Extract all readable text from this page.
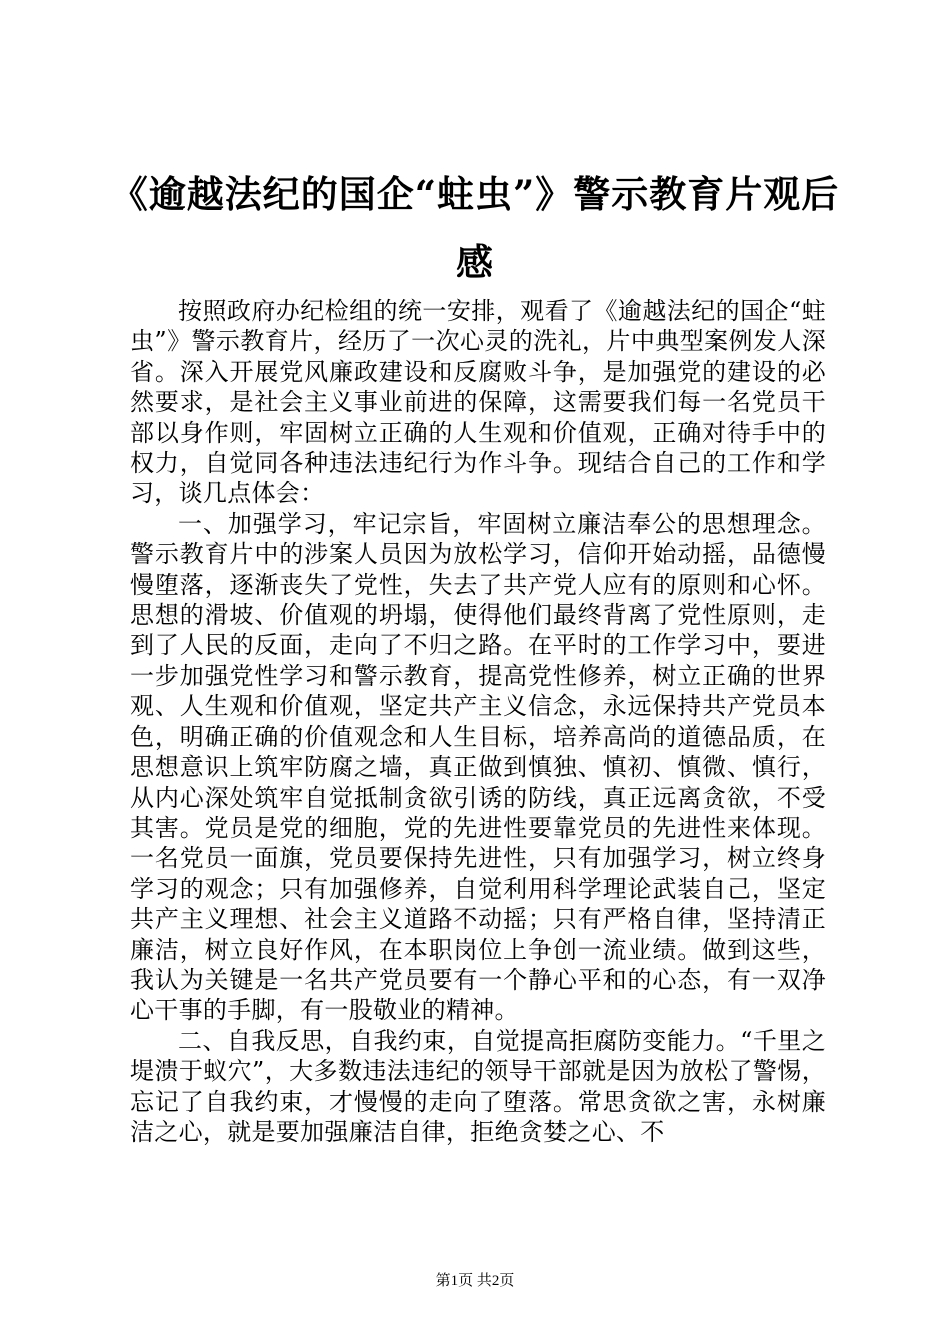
《逾越法纪的国企“蛀虫”》警示教育片观后感

按照政府办纪检组的统一安排，观看了《逾越法纪的国企“蛀虫”》警示教育片，经历了一次心灵的洗礼，片中典型案例发人深省。深入开展党风廉政建设和反腐败斗争，是加强党的建设的必然要求，是社会主义事业前进的保障，这需要我们每一名党员干部以身作则，牢固树立正确的人生观和价值观，正确对待手中的权力，自觉同各种违法违纪行为作斗争。现结合自己的工作和学习，谈几点体会：

一、加强学习，牢记宗旨，牢固树立廉洁奉公的思想理念。警示教育片中的涉案人员因为放松学习，信仰开始动摇，品德慢慢堕落，逐渐丧失了党性，失去了共产党人应有的原则和心怀。思想的滑坡、价值观的坍塌，使得他们最终背离了党性原则，走到了人民的反面，走向了不归之路。在平时的工作学习中，要进一步加强党性学习和警示教育，提高党性修养，树立正确的世界观、人生观和价值观，坚定共产主义信念，永远保持共产党员本色，明确正确的价值观念和人生目标，培养高尚的道德品质，在思想意识上筑牢防腐之墙，真正做到慎独、慎初、慎微、慎行，从内心深处筑牢自觉抵制贪欲引诱的防线，真正远离贪欲，不受其害。党员是党的细胞，党的先进性要靠党员的先进性来体现。一名党员一面旗，党员要保持先进性，只有加强学习，树立终身学习的观念；只有加强修养，自觉利用科学理论武装自己，坚定共产主义理想、社会主义道路不动摇；只有严格自律，坚持清正廉洁，树立良好作风，在本职岗位上争创一流业绩。做到这些，我认为关键是一名共产党员要有一个静心平和的心态，有一双净心干事的手脚，有一股敬业的精神。

二、自我反思，自我约束，自觉提高拒腐防变能力。“千里之堤溃于蚁穴”，大多数违法违纪的领导干部就是因为放松了警惕，忘记了自我约束，才慢慢的走向了堕落。常思贪欲之害，永树廉洁之心，就是要加强廉洁自律，拒绝贪婪之心、不

第1页 共2页
